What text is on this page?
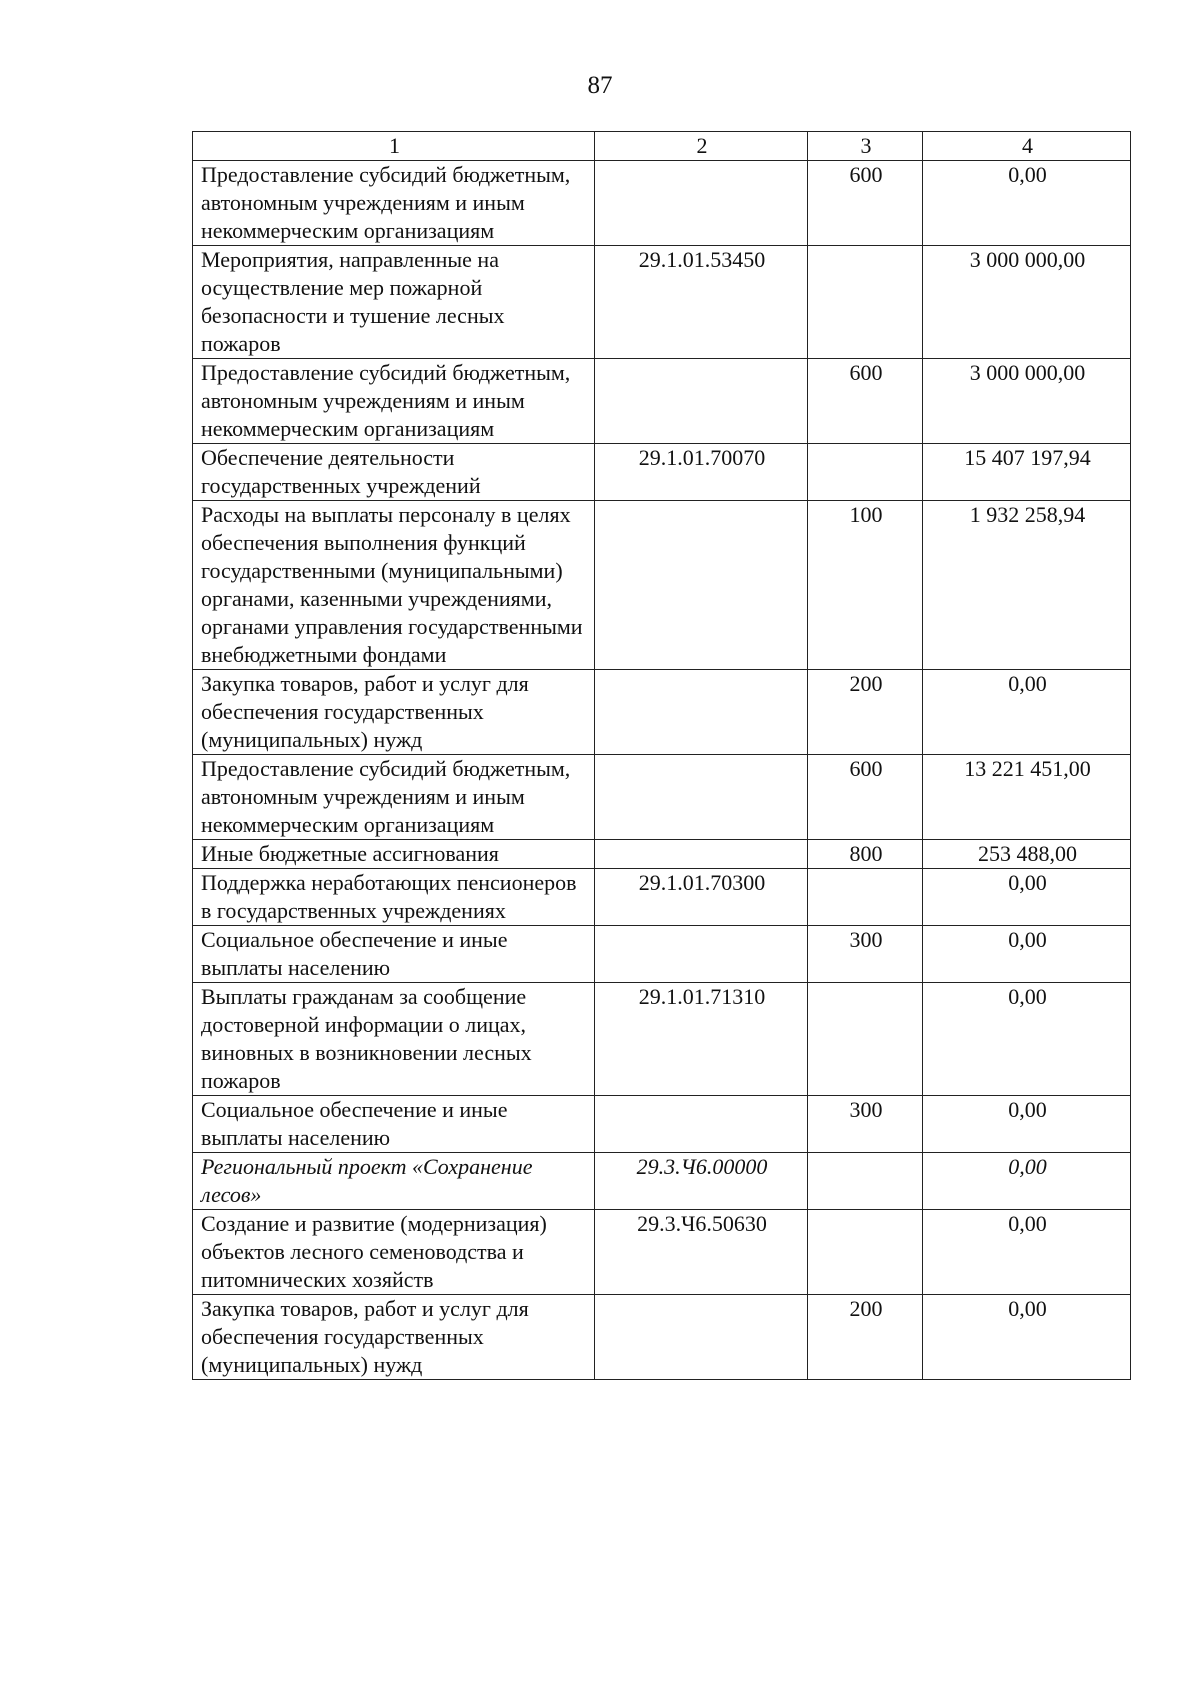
87
1	2	3	4
Предоставление субсидий бюджетным, автономным учреждениям и иным некоммерческим организациям		600	0,00
Мероприятия, направленные на осуществление мер пожарной безопасности и тушение лесных пожаров	29.1.01.53450		3 000 000,00
Предоставление субсидий бюджетным, автономным учреждениям и иным некоммерческим организациям		600	3 000 000,00
Обеспечение деятельности государственных учреждений	29.1.01.70070		15 407 197,94
Расходы на выплаты персоналу в целях обеспечения выполнения функций государственными (муниципальными) органами, казенными учреждениями, органами управления государственными внебюджетными фондами		100	1 932 258,94
Закупка товаров, работ и услуг для обеспечения государственных (муниципальных) нужд		200	0,00
Предоставление субсидий бюджетным, автономным учреждениям и иным некоммерческим организациям		600	13 221 451,00
Иные бюджетные ассигнования		800	253 488,00
Поддержка неработающих пенсионеров в государственных учреждениях	29.1.01.70300		0,00
Социальное обеспечение и иные выплаты населению		300	0,00
Выплаты гражданам за сообщение достоверной информации о лицах, виновных в возникновении лесных пожаров	29.1.01.71310		0,00
Социальное обеспечение и иные выплаты населению		300	0,00
Региональный проект «Сохранение лесов»	29.3.Ч6.00000		0,00
Создание и развитие (модернизация) объектов лесного семеноводства и питомнических хозяйств	29.3.Ч6.50630		0,00
Закупка товаров, работ и услуг для обеспечения государственных (муниципальных) нужд		200	0,00
